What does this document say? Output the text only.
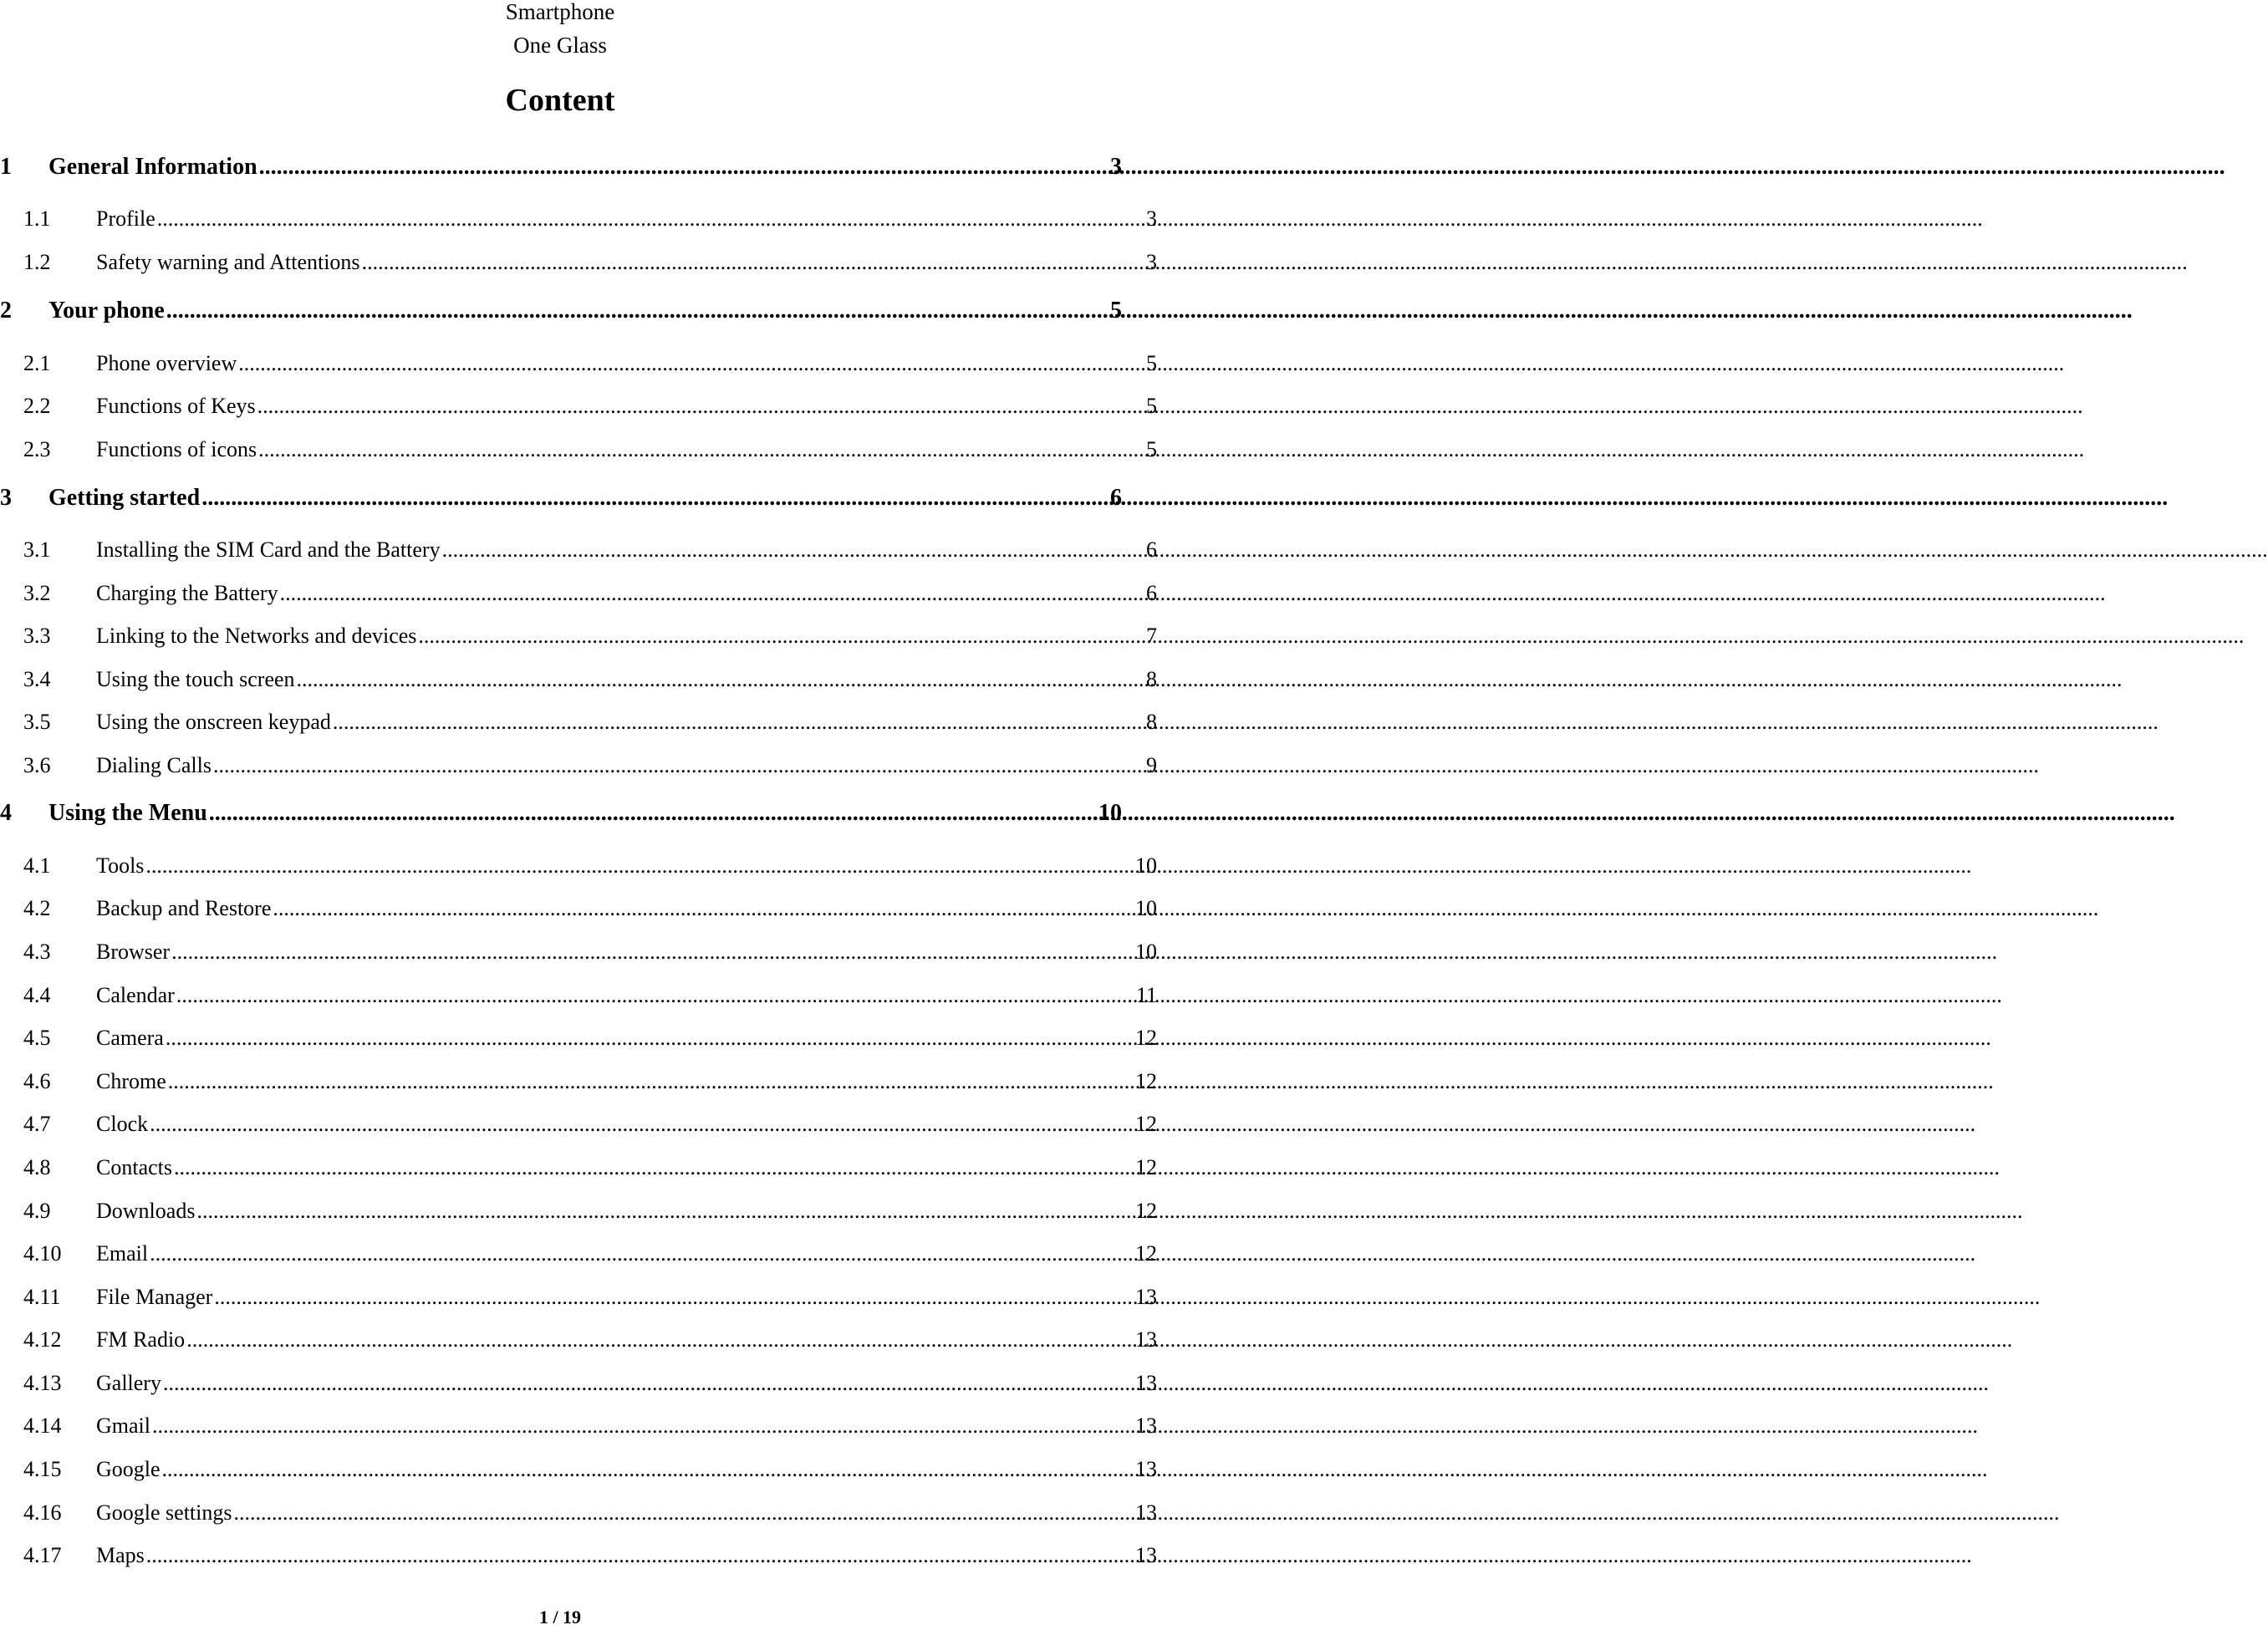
Smartphone
One Glass
Content
1	General Information .....	3
1.1	Profile .....	3
1.2	Safety warning and Attentions .....	3
2	Your phone .....	5
2.1	Phone overview .....	5
2.2	Functions of Keys .....	5
2.3	Functions of icons .....	5
3	Getting started .....	6
3.1	Installing the SIM Card and the Battery .....	6
3.2	Charging the Battery .....	6
3.3	Linking to the Networks and devices .....	7
3.4	Using the touch screen .....	8
3.5	Using the onscreen keypad .....	8
3.6	Dialing Calls .....	9
4	Using the Menu .....	10
4.1	Tools .....	10
4.2	Backup and Restore .....	10
4.3	Browser .....	10
4.4	Calendar .....	11
4.5	Camera .....	12
4.6	Chrome .....	12
4.7	Clock .....	12
4.8	Contacts .....	12
4.9	Downloads .....	12
4.10	Email .....	12
4.11	File Manager .....	13
4.12	FM Radio .....	13
4.13	Gallery .....	13
4.14	Gmail .....	13
4.15	Google .....	13
4.16	Google settings .....	13
4.17	Maps .....	13
1 / 19
